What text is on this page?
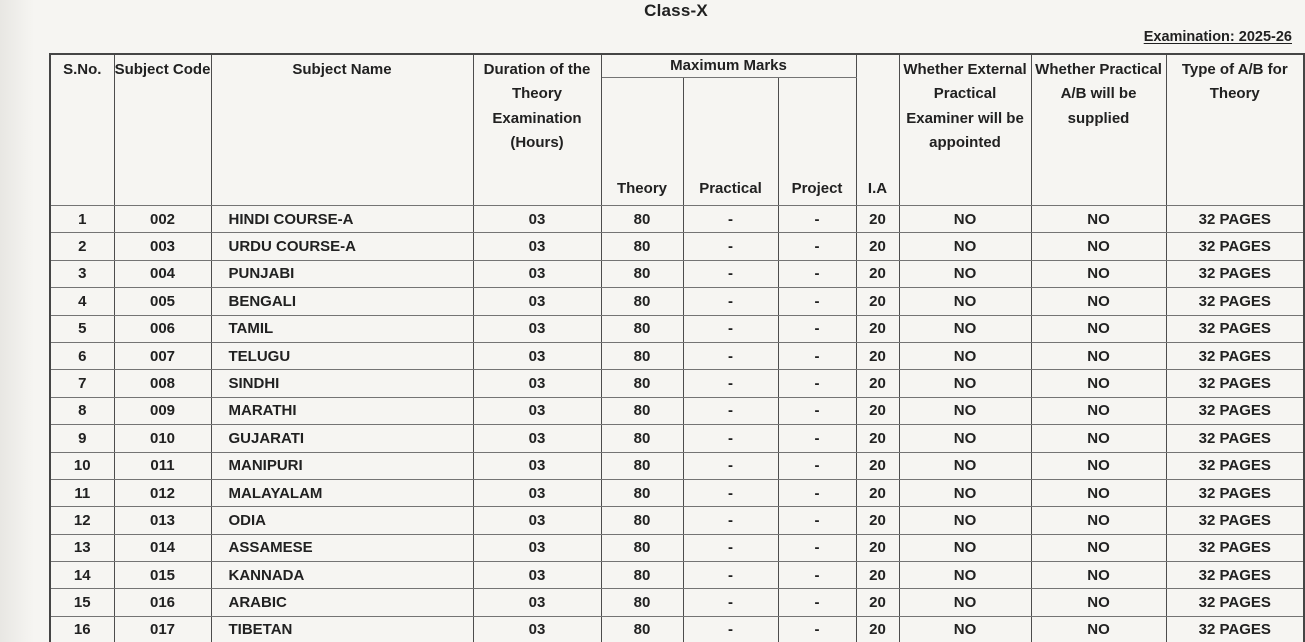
Class-X
Examination: 2025-26
S.No.	Subject Code	Subject Name	Duration of the Theory Examination (Hours)	Maximum Marks			I.A	Whether External Practical Examiner will be appointed	Whether Practical A/B will be supplied	Type of A/B for Theory
				Theory	Practical	Project				
1	002	HINDI COURSE-A	03	80	-	-	20	NO	NO	32 PAGES
2	003	URDU COURSE-A	03	80	-	-	20	NO	NO	32 PAGES
3	004	PUNJABI	03	80	-	-	20	NO	NO	32 PAGES
4	005	BENGALI	03	80	-	-	20	NO	NO	32 PAGES
5	006	TAMIL	03	80	-	-	20	NO	NO	32 PAGES
6	007	TELUGU	03	80	-	-	20	NO	NO	32 PAGES
7	008	SINDHI	03	80	-	-	20	NO	NO	32 PAGES
8	009	MARATHI	03	80	-	-	20	NO	NO	32 PAGES
9	010	GUJARATI	03	80	-	-	20	NO	NO	32 PAGES
10	011	MANIPURI	03	80	-	-	20	NO	NO	32 PAGES
11	012	MALAYALAM	03	80	-	-	20	NO	NO	32 PAGES
12	013	ODIA	03	80	-	-	20	NO	NO	32 PAGES
13	014	ASSAMESE	03	80	-	-	20	NO	NO	32 PAGES
14	015	KANNADA	03	80	-	-	20	NO	NO	32 PAGES
15	016	ARABIC	03	80	-	-	20	NO	NO	32 PAGES
16	017	TIBETAN	03	80	-	-	20	NO	NO	32 PAGES
